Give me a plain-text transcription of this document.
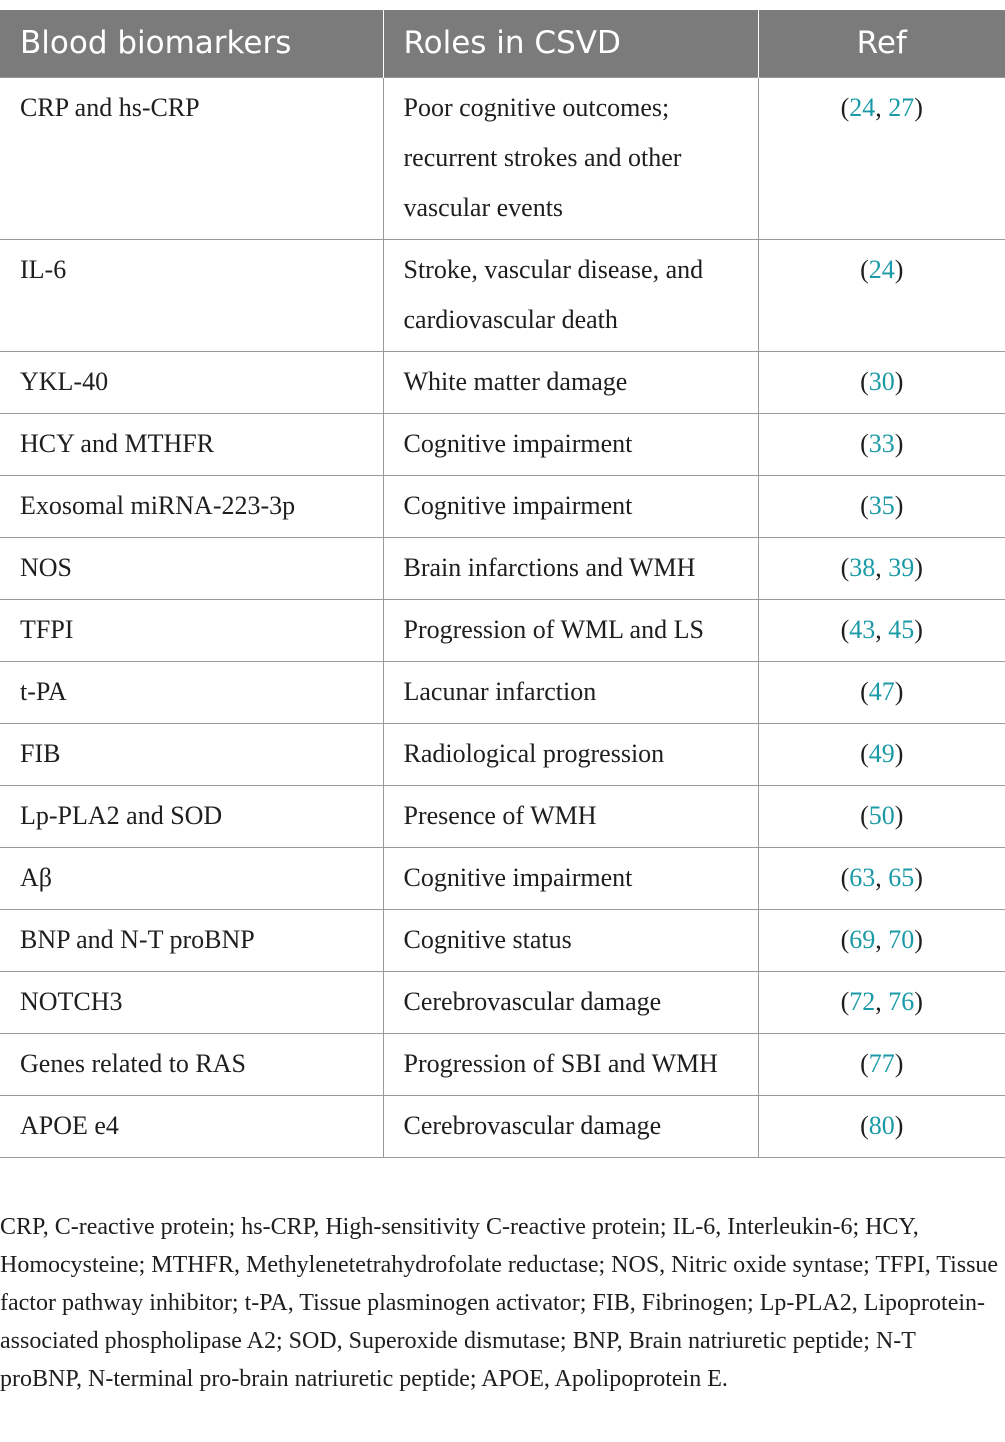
Blood biomarkers	Roles in CSVD	Ref
CRP and hs-CRP	Poor cognitive outcomes; recurrent strokes and other vascular events	(24, 27)
IL-6	Stroke, vascular disease, and cardiovascular death	(24)
YKL-40	White matter damage	(30)
HCY and MTHFR	Cognitive impairment	(33)
Exosomal miRNA-223-3p	Cognitive impairment	(35)
NOS	Brain infarctions and WMH	(38, 39)
TFPI	Progression of WML and LS	(43, 45)
t-PA	Lacunar infarction	(47)
FIB	Radiological progression	(49)
Lp-PLA2 and SOD	Presence of WMH	(50)
Aβ	Cognitive impairment	(63, 65)
BNP and N-T proBNP	Cognitive status	(69, 70)
NOTCH3	Cerebrovascular damage	(72, 76)
Genes related to RAS	Progression of SBI and WMH	(77)
APOE e4	Cerebrovascular damage	(80)

CRP, C-reactive protein; hs-CRP, High-sensitivity C-reactive protein; IL-6, Interleukin-6; HCY, Homocysteine; MTHFR, Methylenetetrahydrofolate reductase; NOS, Nitric oxide syntase; TFPI, Tissue factor pathway inhibitor; t-PA, Tissue plasminogen activator; FIB, Fibrinogen; Lp-PLA2, Lipoprotein-associated phospholipase A2; SOD, Superoxide dismutase; BNP, Brain natriuretic peptide; N-T proBNP, N-terminal pro-brain natriuretic peptide; APOE, Apolipoprotein E.
